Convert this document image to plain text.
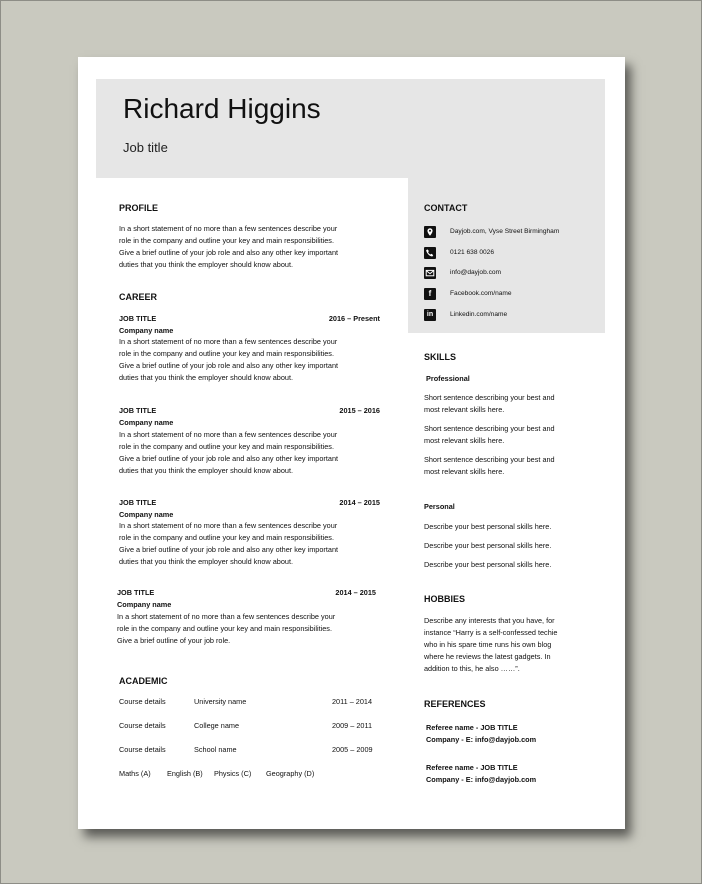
Richard Higgins
Job title
CONTACT
Dayjob.com, Vyse Street Birmingham
0121 638 0026
info@dayjob.com
f	Facebook.com/name
in	Linkedin.com/name
PROFILE
In a short statement of no more than a few sentences describe your
role in the company and outline your key and main responsibilities.
Give a brief outline of your job role and also any other key important
duties that you think the employer should know about.
CAREER
JOB TITLE	2016 – Present
Company name
In a short statement of no more than a few sentences describe your
role in the company and outline your key and main responsibilities.
Give a brief outline of your job role and also any other key important
duties that you think the employer should know about.
JOB TITLE	2015 – 2016
Company name
In a short statement of no more than a few sentences describe your
role in the company and outline your key and main responsibilities.
Give a brief outline of your job role and also any other key important
duties that you think the employer should know about.
JOB TITLE	2014 – 2015
Company name
In a short statement of no more than a few sentences describe your
role in the company and outline your key and main responsibilities.
Give a brief outline of your job role and also any other key important
duties that you think the employer should know about.
JOB TITLE	2014 – 2015
Company name
In a short statement of no more than a few sentences describe your
role in the company and outline your key and main responsibilities.
Give a brief outline of your job role.
ACADEMIC
Course details	University name	2011 – 2014
Course details	College name	2009 – 2011
Course details	School name	2005 – 2009
Maths (A) English (B) Physics (C) Geography (D)
SKILLS
Professional
Short sentence describing your best and
most relevant skills here.
Short sentence describing your best and
most relevant skills here.
Short sentence describing your best and
most relevant skills here.
Personal
Describe your best personal skills here.
Describe your best personal skills here.
Describe your best personal skills here.
HOBBIES
Describe any interests that you have, for
instance “Harry is a self-confessed techie
who in his spare time runs his own blog
where he reviews the latest gadgets. In
addition to this, he also ……”.
REFERENCES
Referee name - JOB TITLE
Company - E: info@dayjob.com
Referee name - JOB TITLE
Company - E: info@dayjob.com
